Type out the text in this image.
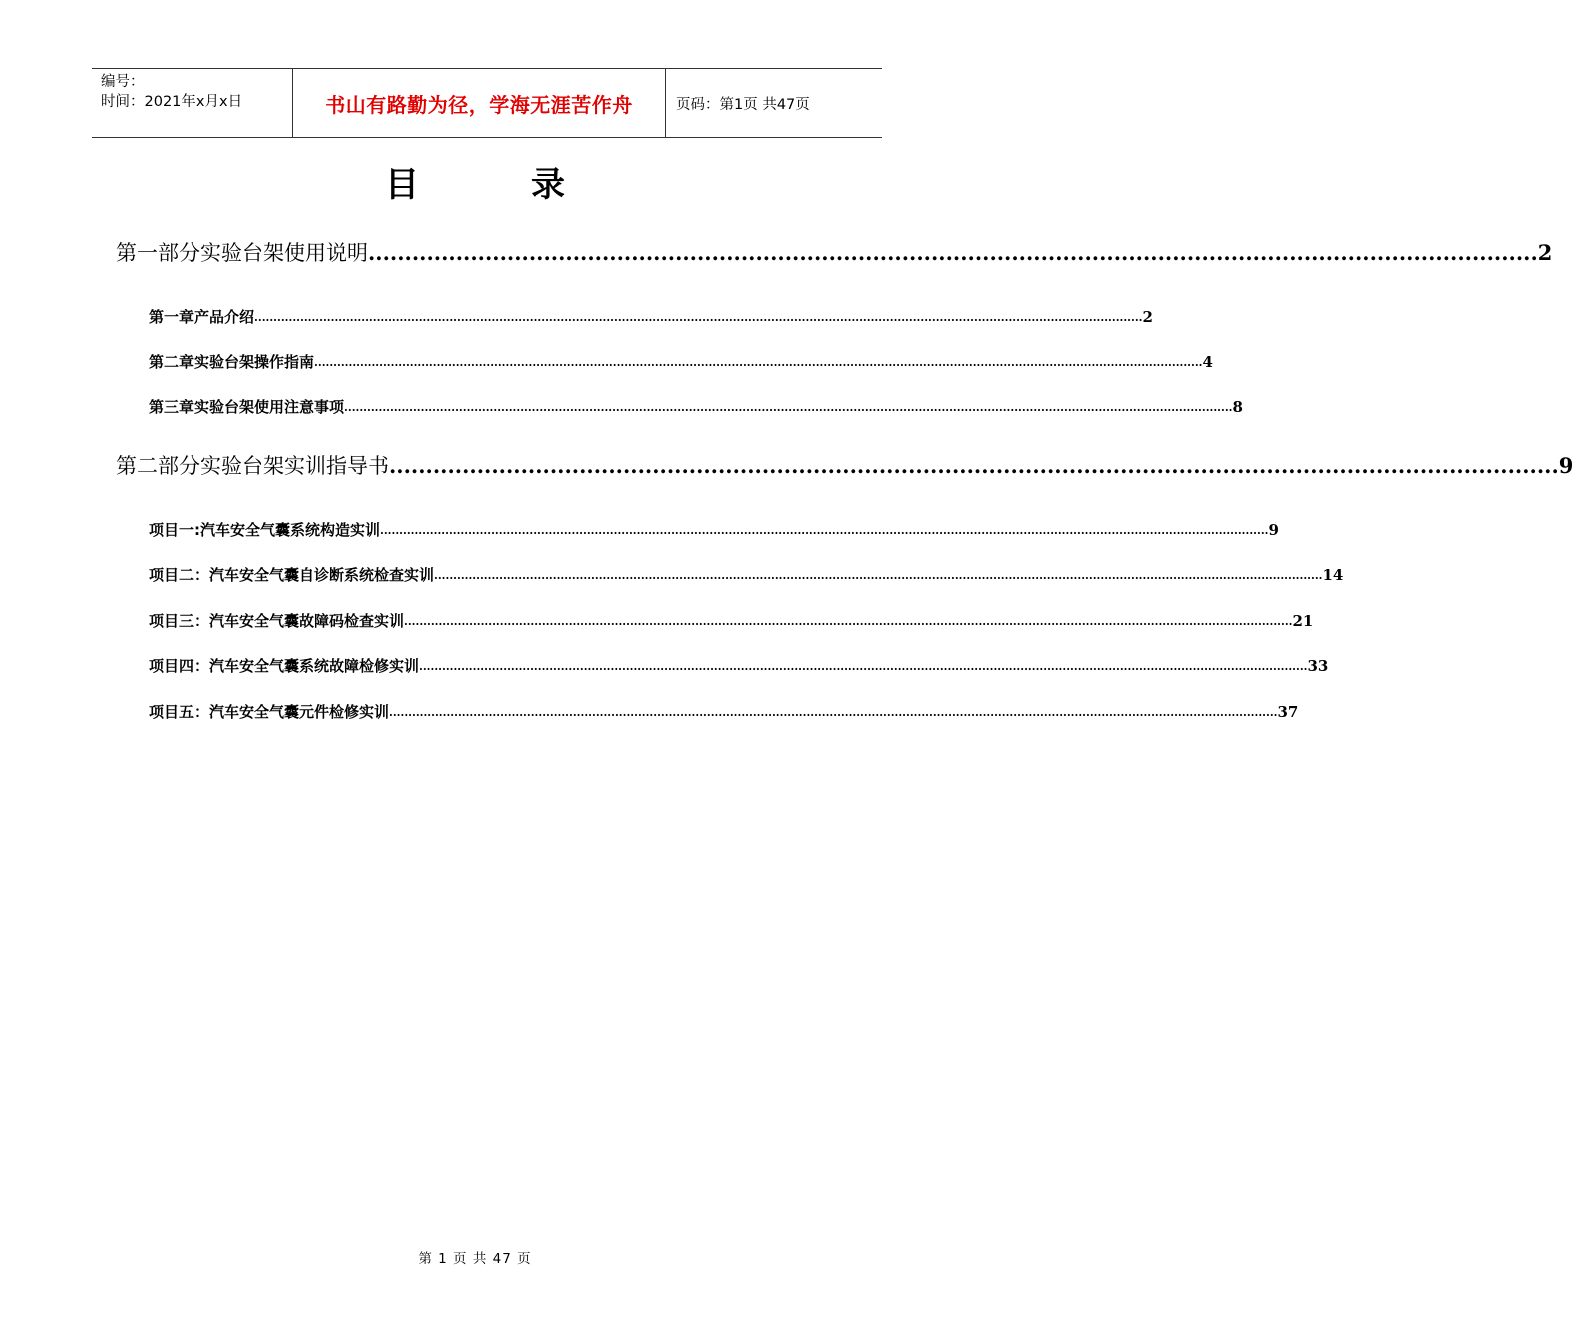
编号：
时间：2021年x月x日	书山有路勤为径，学海无涯苦作舟	页码：第1页 共47页
目	录
第一部分 实验台架使用说明 ................................................................................................................................................................ 2
第一章 产品介绍 ........................................................................................................................................................................................................................................ 2
第二章 实验台架操作指南 ........................................................................................................................................................................................................................................ 4
第三章 实验台架使用注意事项 ........................................................................................................................................................................................................................................ 8
第二部分 实验台架实训指导书 ................................................................................................................................................................ 9
项目一:汽车安全气囊系统构造实训 ........................................................................................................................................................................................................................................ 9
项目二：汽车安全气囊自诊断系统检查实训 ........................................................................................................................................................................................................................................ 14
项目三：汽车安全气囊故障码检查实训 ........................................................................................................................................................................................................................................ 21
项目四：汽车安全气囊系统故障检修实训 ........................................................................................................................................................................................................................................ 33
项目五：汽车安全气囊元件检修实训 ........................................................................................................................................................................................................................................ 37
第 1 页 共 47 页
